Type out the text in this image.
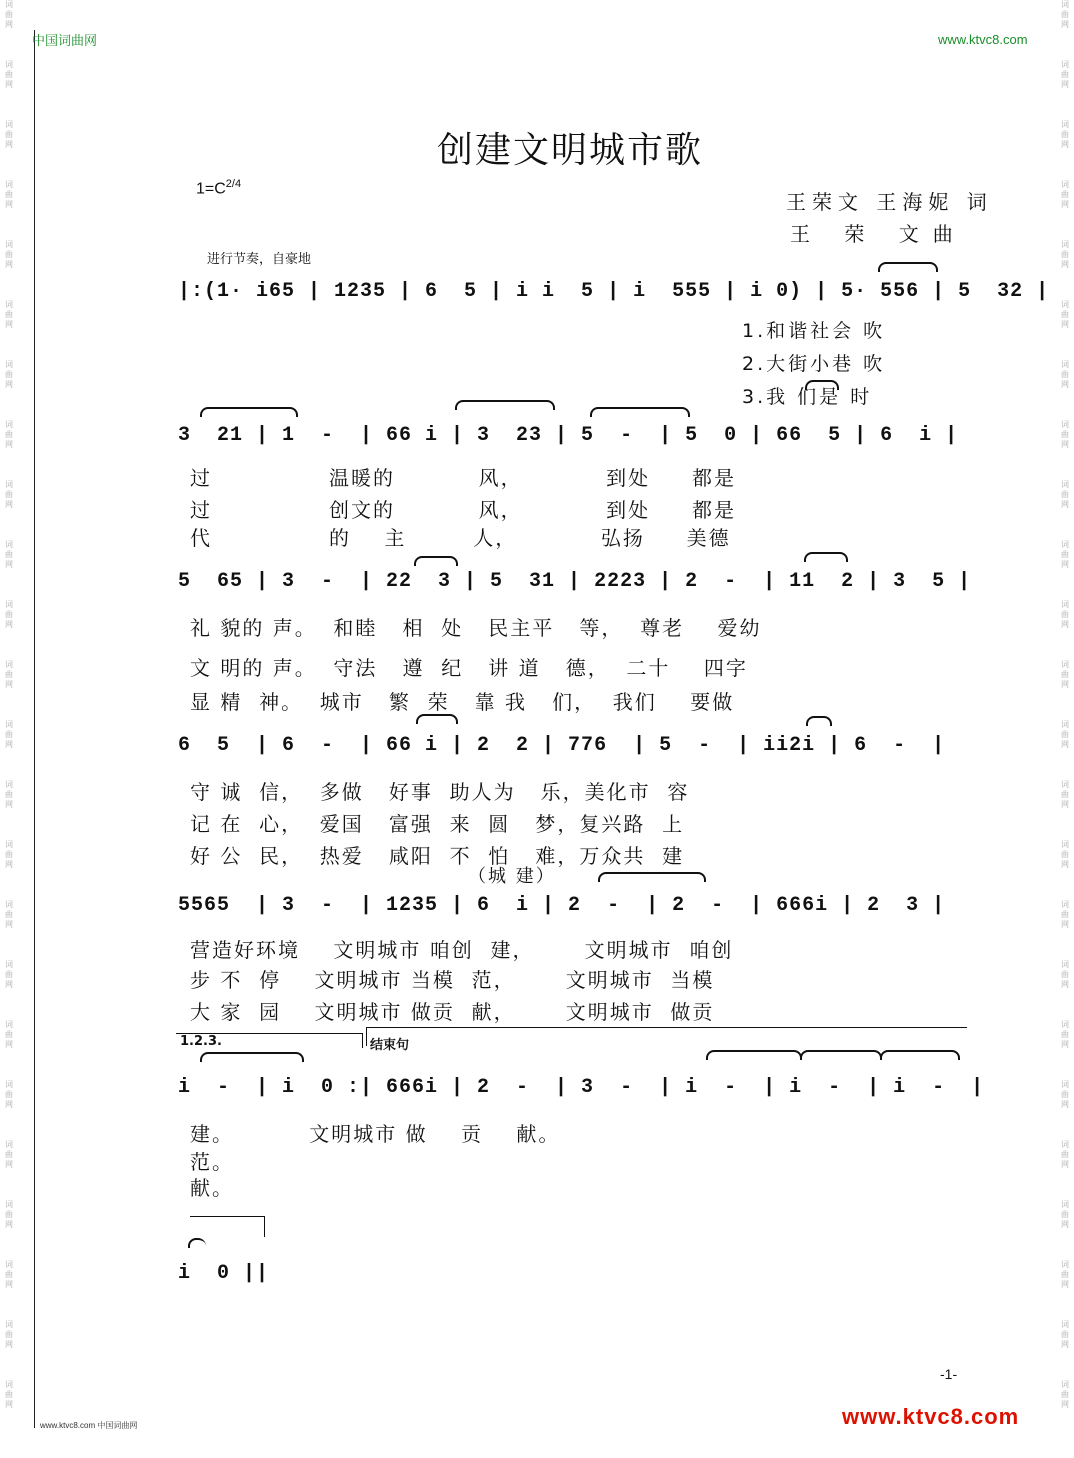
词
曲
网
词
曲
网
词
曲
网
词
曲
网
词
曲
网
词
曲
网
词
曲
网
词
曲
网
词
曲
网
词
曲
网
词
曲
网
词
曲
网
词
曲
网
词
曲
网
词
曲
网
词
曲
网
词
曲
网
词
曲
网
词
曲
网
词
曲
网
词
曲
网
词
曲
网
词
曲
网
词
曲
网
词
曲
网
词
曲
网
词
曲
网
词
曲
网
词
曲
网
词
曲
网
词
曲
网
词
曲
网
词
曲
网
词
曲
网
词
曲
网
词
曲
网
词
曲
网
词
曲
网
词
曲
网
词
曲
网
词
曲
网
词
曲
网
词
曲
网
词
曲
网
词
曲
网
词
曲
网
词
曲
网
词
曲
网
中国词曲网	www.ktvc8.com
创建文明城市歌
$1=C^{2/4}$
王荣文 王海妮 词
王 荣 文曲
进行节奏，自豪地
|:(1· i65 | 1235 | 6  5 | i i  5 | i  555 | i 0) | 5· 556 | 5  32 |
1.和谐社会 吹
2.大街小巷 吹
3.我 们是 时
3  21 | 1  -  | 66 i | 3  23 | 5  -  | 5  0 | 66  5 | 6  i |
过              温暖的          风，          到处     都是
过              创文的          风，          到处     都是
代              的    主        人，          弘扬     美德
5  65 | 3  -  | 22  3 | 5  31 | 2223 | 2  -  | 11  2 | 3  5 |
礼 貌的 声。  和睦   相  处   民主平   等，  尊老    爱幼
文 明的 声。  守法   遵  纪   讲 道   德，  二十    四字
显 精  神。  城市   繁  荣   靠 我   们，  我们    要做
6  5  | 6  -  | 66 i | 2  2 | 776  | 5  -  | ii2i | 6  -  |
守 诚  信，  多做   好事  助人为   乐，美化市  容
记 在  心，  爱国   富强  来  圆   梦，复兴路  上
好 公  民，  热爱   咸阳  不  怕   难，万众共  建
（城 建）
5565  | 3  -  | 1235 | 6  i | 2  -  | 2  -  | 666i | 2  3 |
营造好环境    文明城市 咱创  建，      文明城市  咱创
步 不  停    文明城市 当模  范，      文明城市  当模
大 家  园    文明城市 做贡  献，      文明城市  做贡
1.2.3.	结束句
i  -  | i  0 :| 666i | 2  -  | 3  -  | i  -  | i  -  | i  -  |
建。         文明城市 做    贡    献。
范。
献。
i  0 ||
-1-
www.ktvc8.com
www.ktvc8.com 中国词曲网
